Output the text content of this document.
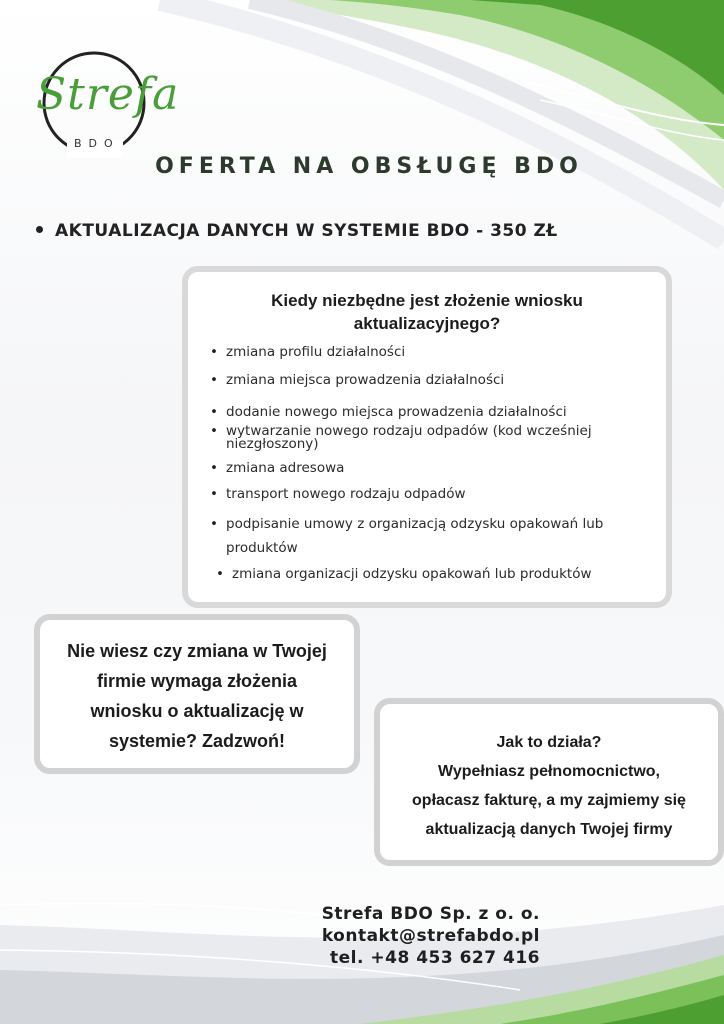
Strefa
BDO
OFERTA NA OBSŁUGĘ BDO
AKTUALIZACJA DANYCH W SYSTEMIE BDO - 350 ZŁ
Kiedy niezbędne jest złożenie wniosku
aktualizacyjnego?
• zmiana profilu działalności
• zmiana miejsca prowadzenia działalności
• dodanie nowego miejsca prowadzenia działalności
• wytwarzanie nowego rodzaju odpadów (kod wcześniej niezgłoszony)
• zmiana adresowa
• transport nowego rodzaju odpadów
• podpisanie umowy z organizacją odzysku opakowań lub produktów
• zmiana organizacji odzysku opakowań lub produktów
Nie wiesz czy zmiana w Twojej
firmie wymaga złożenia
wniosku o aktualizację w
systemie? Zadzwoń!	Jak to działa?
Wypełniasz pełnomocnictwo,
opłacasz fakturę, a my zajmiemy się
aktualizacją danych Twojej firmy
Strefa BDO Sp. z o. o.
kontakt@strefabdo.pl
tel. +48 453 627 416
